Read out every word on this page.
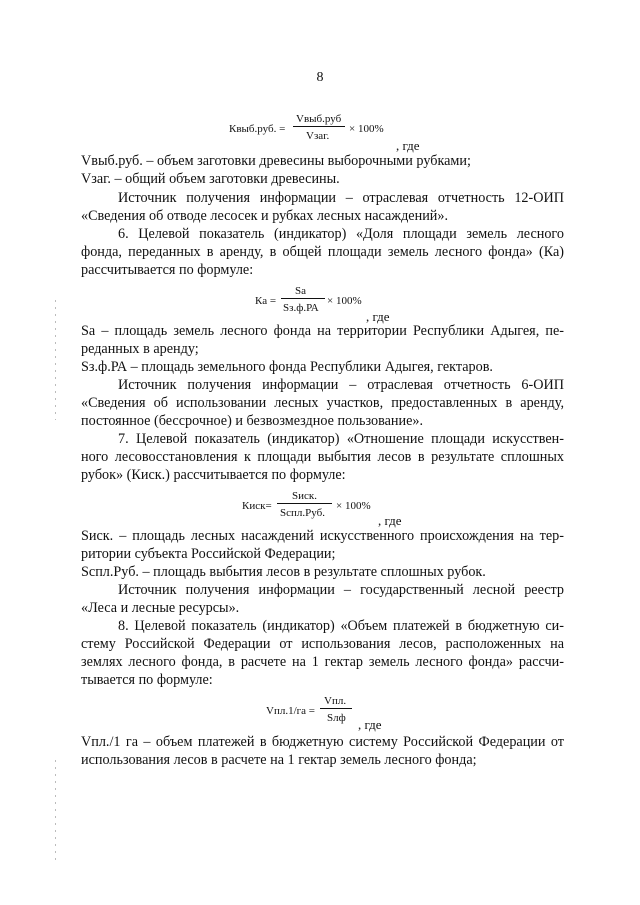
8
Квыб.руб. =
Vвыб.руб
Vзаг.
× 100%
, где
Vвыб.руб. – объем заготовки древесины выборочными рубками;
Vзаг. – общий объем заготовки древесины.
Источник получения информации – отраслевая отчетность 12-ОИП
«Сведения об отводе лесосек и рубках лесных насаждений».
6. Целевой показатель (индикатор) «Доля площади земель лесного
фонда, переданных в аренду, в общей площади земель лесного фонда» (Ка)
рассчитывается по формуле:
Ка =
Sa
Sз.ф.РА
× 100%
, где
Sa – площадь земель лесного фонда на территории Республики Адыгея, пе-
реданных в аренду;
Sз.ф.РА – площадь земельного фонда Республики Адыгея, гектаров.
Источник получения информации – отраслевая отчетность 6-ОИП
«Сведения об использовании лесных участков, предоставленных в аренду,
постоянное (бессрочное) и безвозмездное пользование».
7. Целевой показатель (индикатор) «Отношение площади искусствен-
ного лесовосстановления к площади выбытия лесов в результате сплошных
рубок» (Киск.) рассчитывается по формуле:
Киск=
Sиск.
Sспл.Руб.
× 100%
, где
Sиск. – площадь лесных насаждений искусственного происхождения на тер-
ритории субъекта Российской Федерации;
Sспл.Руб. – площадь выбытия лесов в результате сплошных рубок.
Источник получения информации – государственный лесной реестр
«Леса и лесные ресурсы».
8. Целевой показатель (индикатор) «Объем платежей в бюджетную си-
стему Российской Федерации от использования лесов, расположенных на
землях лесного фонда, в расчете на 1 гектар земель лесного фонда» рассчи-
тывается по формуле:
Vпл.1/га =
Vпл.
Sлф , где
Vпл./1 га – объем платежей в бюджетную систему Российской Федерации от
использования лесов в расчете на 1 гектар земель лесного фонда;
